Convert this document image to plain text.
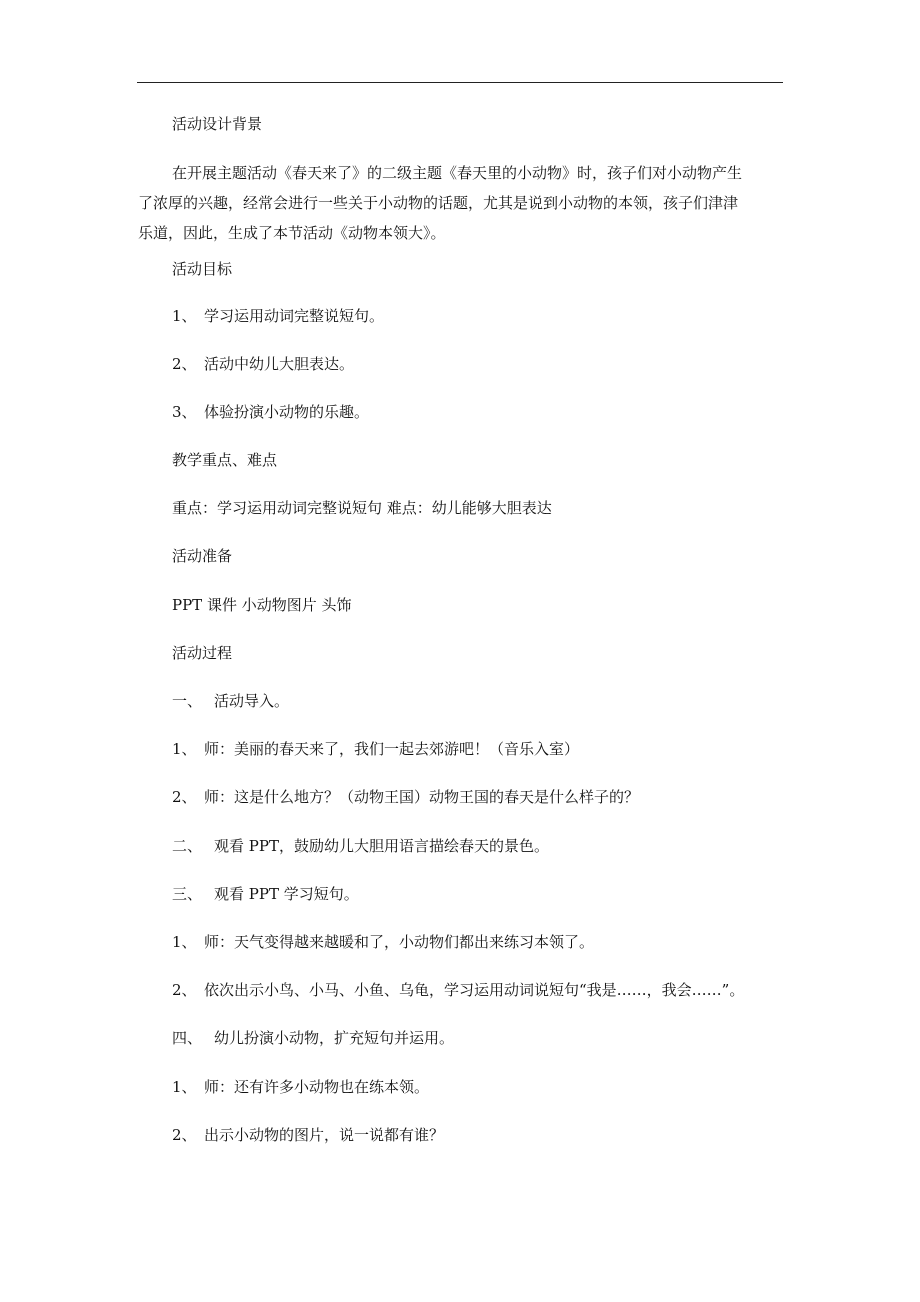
活动设计背景
在开展主题活动《春天来了》的二级主题《春天里的小动物》时，孩子们对小动物产生
了浓厚的兴趣，经常会进行一些关于小动物的话题，尤其是说到小动物的本领，孩子们津津
乐道，因此，生成了本节活动《动物本领大》。
活动目标
1、 学习运用动词完整说短句。
2、 活动中幼儿大胆表达。
3、 体验扮演小动物的乐趣。
教学重点、难点
重点：学习运用动词完整说短句 难点：幼儿能够大胆表达
活动准备
PPT 课件 小动物图片 头饰
活动过程
一、 活动导入。
1、 师：美丽的春天来了，我们一起去郊游吧！（音乐入室）
2、 师：这是什么地方？（动物王国）动物王国的春天是什么样子的？
二、 观看 PPT，鼓励幼儿大胆用语言描绘春天的景色。
三、 观看 PPT 学习短句。
1、 师：天气变得越来越暖和了，小动物们都出来练习本领了。
2、 依次出示小鸟、小马、小鱼、乌龟，学习运用动词说短句“我是……，我会……”。
四、 幼儿扮演小动物，扩充短句并运用。
1、 师：还有许多小动物也在练本领。
2、 出示小动物的图片，说一说都有谁？
